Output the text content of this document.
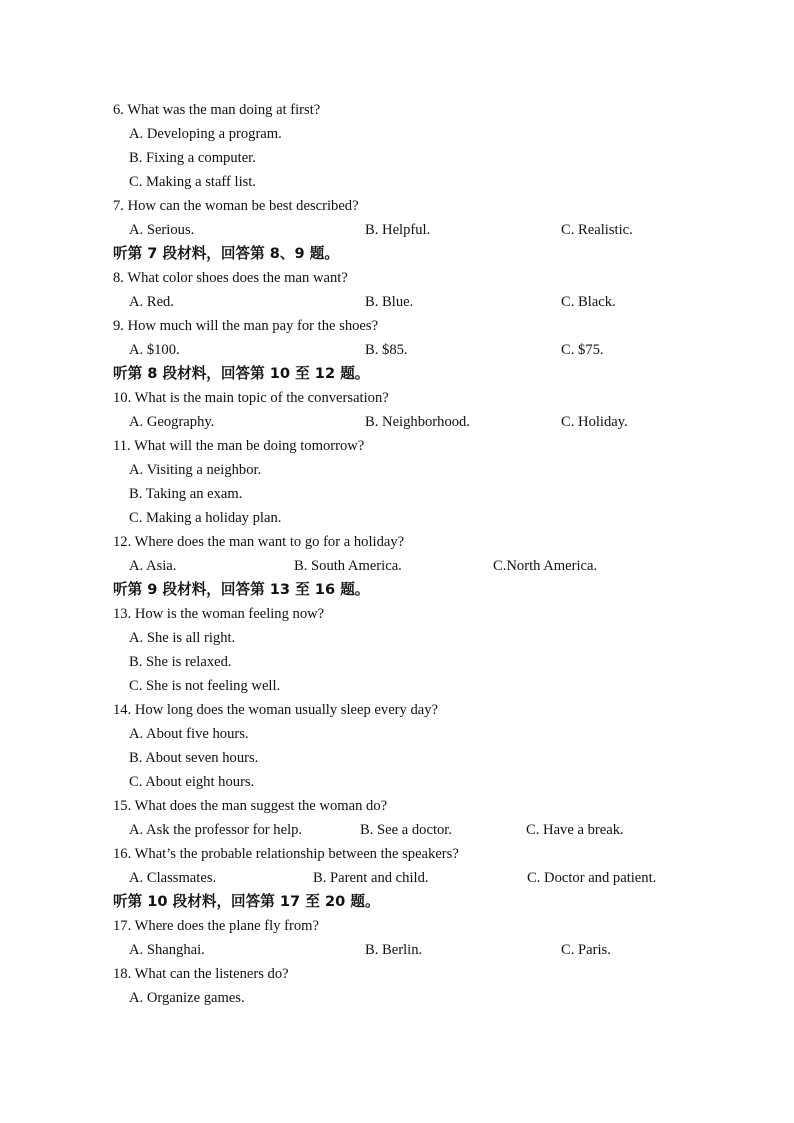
6. What was the man doing at first?
A. Developing a program.
B. Fixing a computer.
C. Making a staff list.
7. How can the woman be best described?
A. Serious.	B. Helpful.	C. Realistic.
听第 7 段材料，回答第 8、9 题。
8. What color shoes does the man want?
A. Red.	B. Blue.	C. Black.
9. How much will the man pay for the shoes?
A. $100.	B. $85.	C. $75.
听第 8 段材料，回答第 10 至 12 题。
10. What is the main topic of the conversation?
A. Geography.	B. Neighborhood.	C. Holiday.
11. What will the man be doing tomorrow?
A. Visiting a neighbor.
B. Taking an exam.
C. Making a holiday plan.
12. Where does the man want to go for a holiday?
A. Asia.	B. South America.	C.North America.
听第 9 段材料，回答第 13 至 16 题。
13. How is the woman feeling now?
A. She is all right.
B. She is relaxed.
C. She is not feeling well.
14. How long does the woman usually sleep every day?
A. About five hours.
B. About seven hours.
C. About eight hours.
15. What does the man suggest the woman do?
A. Ask the professor for help.	B. See a doctor.	C. Have a break.
16. What’s the probable relationship between the speakers?
A. Classmates.	B. Parent and child.	C. Doctor and patient.
听第 10 段材料，回答第 17 至 20 题。
17. Where does the plane fly from?
A. Shanghai.	B. Berlin.	C. Paris.
18. What can the listeners do?
A. Organize games.
